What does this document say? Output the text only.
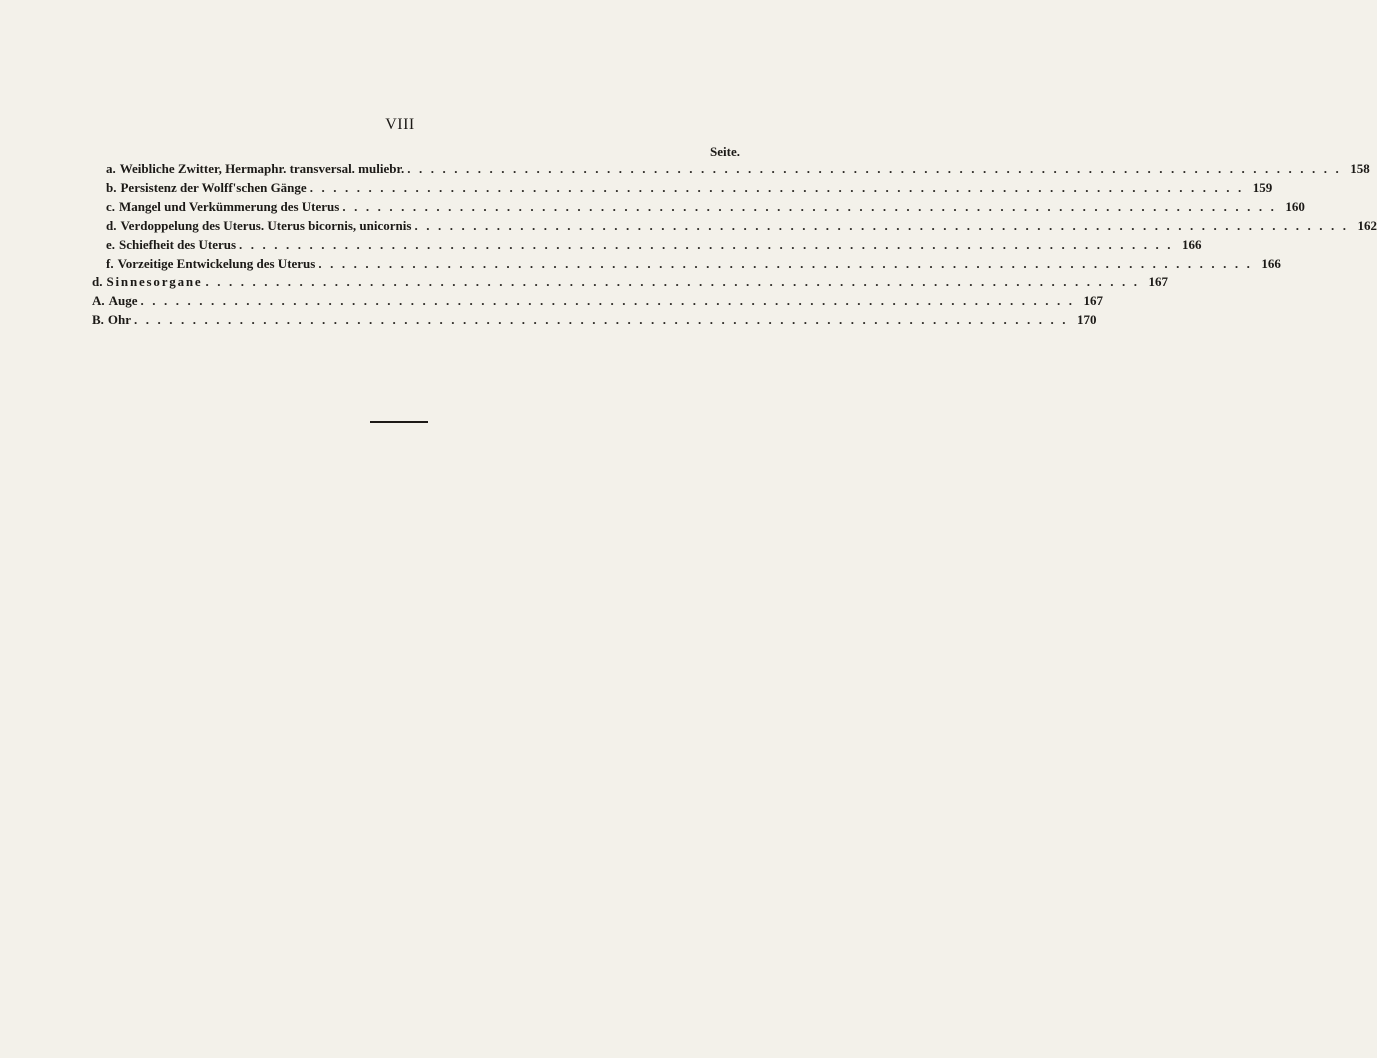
VIII
Seite.
a. Weibliche Zwitter, Hermaphr. transversal. muliebr. ................................................................................ 158
b. Persistenz der Wolff'schen Gänge ................................................................................ 159
c. Mangel und Verkümmerung des Uterus ................................................................................ 160
d. Verdoppelung des Uterus. Uterus bicornis, unicornis ................................................................................ 162
e. Schiefheit des Uterus ................................................................................ 166
f. Vorzeitige Entwickelung des Uterus ................................................................................ 166
d. Sinnesorgane ................................................................................ 167
A. Auge ................................................................................ 167
B. Ohr ................................................................................ 170
